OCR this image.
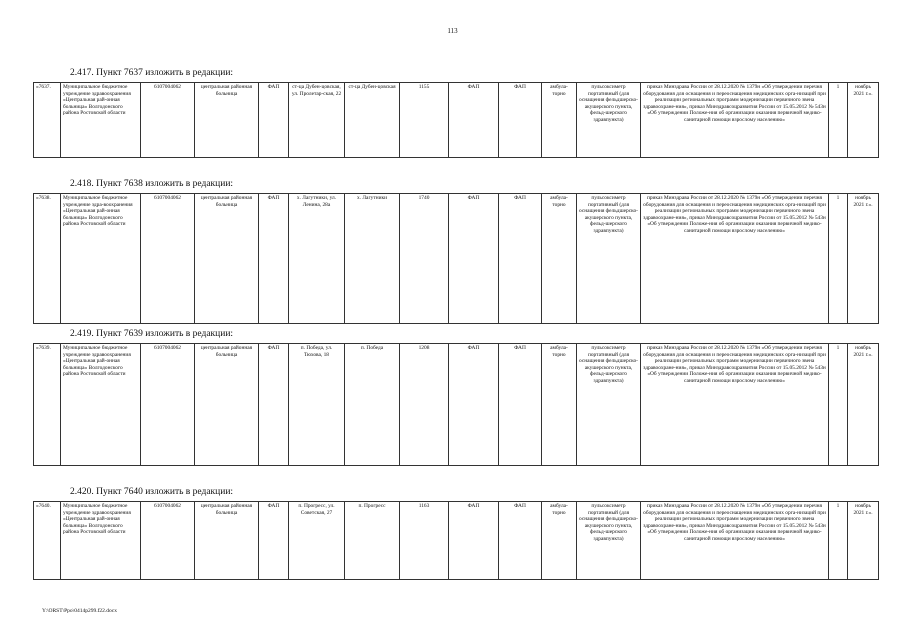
113
2.417. Пункт 7637 изложить в редакции:
«7637.	Муниципальное бюджетное учреждение здравоохранения «Центральная рай-онная больница» Волгодонского района Ростовской области	6107004062	центральная районная больница	ФАП	ст-ца Дубен-цовская, ул. Пролетар-ская, 22	ст-ца Дубен-цовская	1155	ФАП	ФАП	амбула-торно	пульсоксиметр портативный (для оснащения фельдшерско-акушерского пункта, фельд-шерского здравпункта)	приказ Минздрава России от 28.12.2020 № 1379н «Об утверждении перечня оборудования для оснащения и переоснащения медицинских орга-низаций при реализации региональных программ модернизации первичного звена здравоохране-ния», приказ Минздравсоцразвития России от 15.05.2012 № 543н «Об утверждении Положе-ния об организации оказания первичной медико-санитарной помощи взрослому населению»	1	ноябрь 2021 г.».
2.418. Пункт 7638 изложить в редакции:
«7638.	Муниципальное бюджетное учреждение здра-воохранения «Центральная рай-онная больница» Волгодонского района Ростовской области	6107004062	центральная районная больница	ФАП	х. Лагутники, ул. Ленина, 28а	х. Лагутники	1740	ФАП	ФАП	амбула-торно	пульсоксиметр портативный (для оснащения фельдшерско-акушерского пункта, фельд-шерского здравпункта)	приказ Минздрава России от 28.12.2020 № 1379н «Об утверждении перечня оборудования для оснащения и переоснащения медицинских орга-низаций при реализации региональных программ модернизации первичного звена здравоохране-ния», приказ Минздравсоцразвития России от 15.05.2012 № 543н «Об утверждении Положе-ния об организации оказания первичной медико-санитарной помощи взрослому населению»	1	ноябрь 2021 г.».
2.419. Пункт 7639 изложить в редакции:
«7639.	Муниципальное бюджетное учреждение здравоохранения «Центральная рай-онная больница» Волгодонского района Ростовской области	6107004062	центральная районная больница	ФАП	п. Победа, ул. Тюхова, 18	п. Победа	1208	ФАП	ФАП	амбула-торно	пульсоксиметр портативный (для оснащения фельдшерско-акушерского пункта, фельд-шерского здравпункта)	приказ Минздрава России от 28.12.2020 № 1379н «Об утверждении перечня оборудования для оснащения и переоснащения медицинских орга-низаций при реализации региональных программ модернизации первичного звена здравоохране-ния», приказ Минздравсоцразвития России от 15.05.2012 № 543н «Об утверждении Положе-ния об организации оказания первичной медико-санитарной помощи взрослому населению»	1	ноябрь 2021 г.».
2.420. Пункт 7640 изложить в редакции:
«7640.	Муниципальное бюджетное учреждение здравоохранения «Центральная рай-онная больница» Волгодонского района Ростовской области	6107004062	центральная районная больница	ФАП	п. Прогресс, ул. Советская, 27	п. Прогресс	1163	ФАП	ФАП	амбула-торно	пульсоксиметр портативный (для оснащения фельдшерско-акушерского пункта, фельд-шерского здравпункта)	приказ Минздрава России от 28.12.2020 № 1379н «Об утверждении перечня оборудования для оснащения и переоснащения медицинских орга-низаций при реализации региональных программ модернизации первичного звена здравоохране-ния», приказ Минздравсоцразвития России от 15.05.2012 № 543н «Об утверждении Положе-ния об организации оказания первичной медико-санитарной помощи взрослому населению»	1	ноябрь 2021 г.».
Y:\ORST\Ppo\0414p299.f22.docx
